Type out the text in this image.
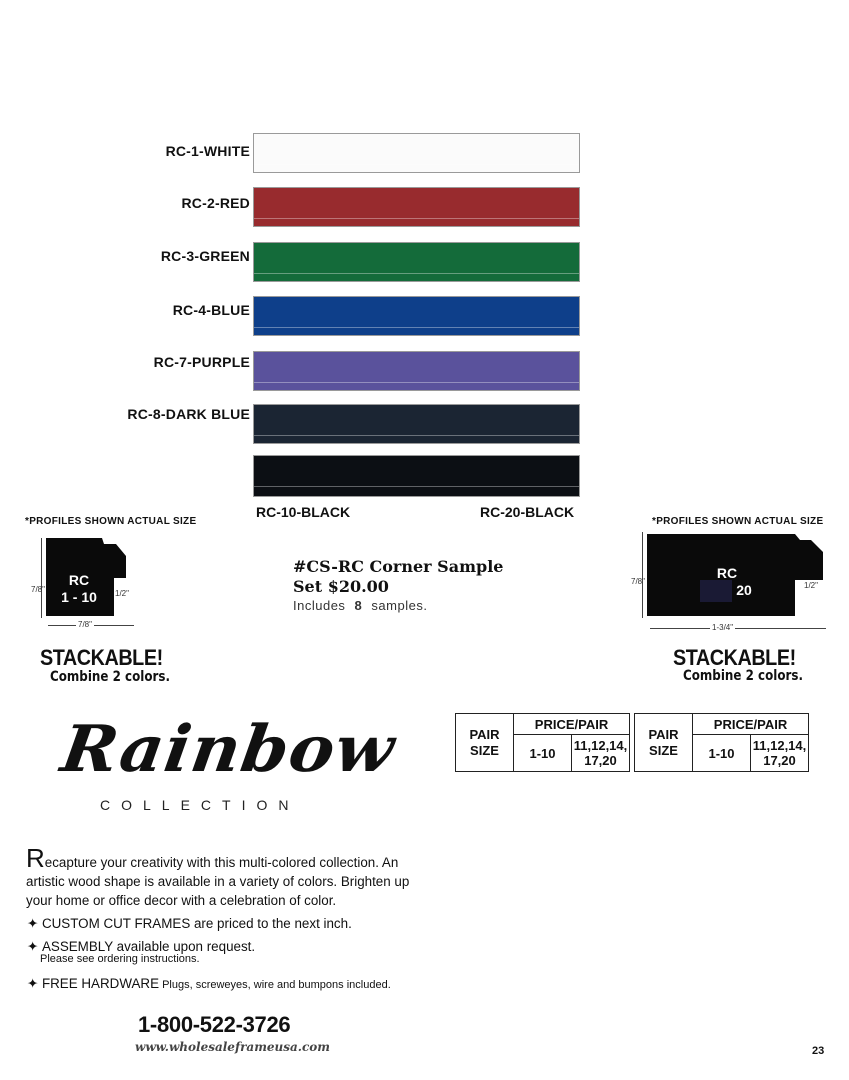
RC-1-WHITE
RC-2-RED
RC-3-GREEN
RC-4-BLUE
RC-7-PURPLE
RC-8-DARK BLUE
RC-10-BLACK	RC-20-BLACK
*PROFILES SHOWN ACTUAL SIZE
RC
1 - 10
7/8"	1/2"
7/8"
STACKABLE!
Combine 2 colors.
#CS-RC Corner Sample
Set $20.00
Includes 8 samples.
*PROFILES SHOWN ACTUAL SIZE
RC
20
7/8"	1/2"
1-3/4"
STACKABLE!
Combine 2 colors.
PAIR
SIZE	PRICE/PAIR	
	1-10	11,12,14,
17,20
PAIR
SIZE	PRICE/PAIR	
	1-10	11,12,14,
17,20
Rainbow
COLLECTION
Recapture your creativity with this multi-colored collection. An
artistic wood shape is available in a variety of colors. Brighten up
your home or office decor with a celebration of color.
✦ CUSTOM CUT FRAMES are priced to the next inch.
✦ ASSEMBLY available upon request.
Please see ordering instructions.
✦ FREE HARDWARE Plugs, screweyes, wire and bumpons included.
1-800-522-3726
www.wholesaleframeusa.com	23
